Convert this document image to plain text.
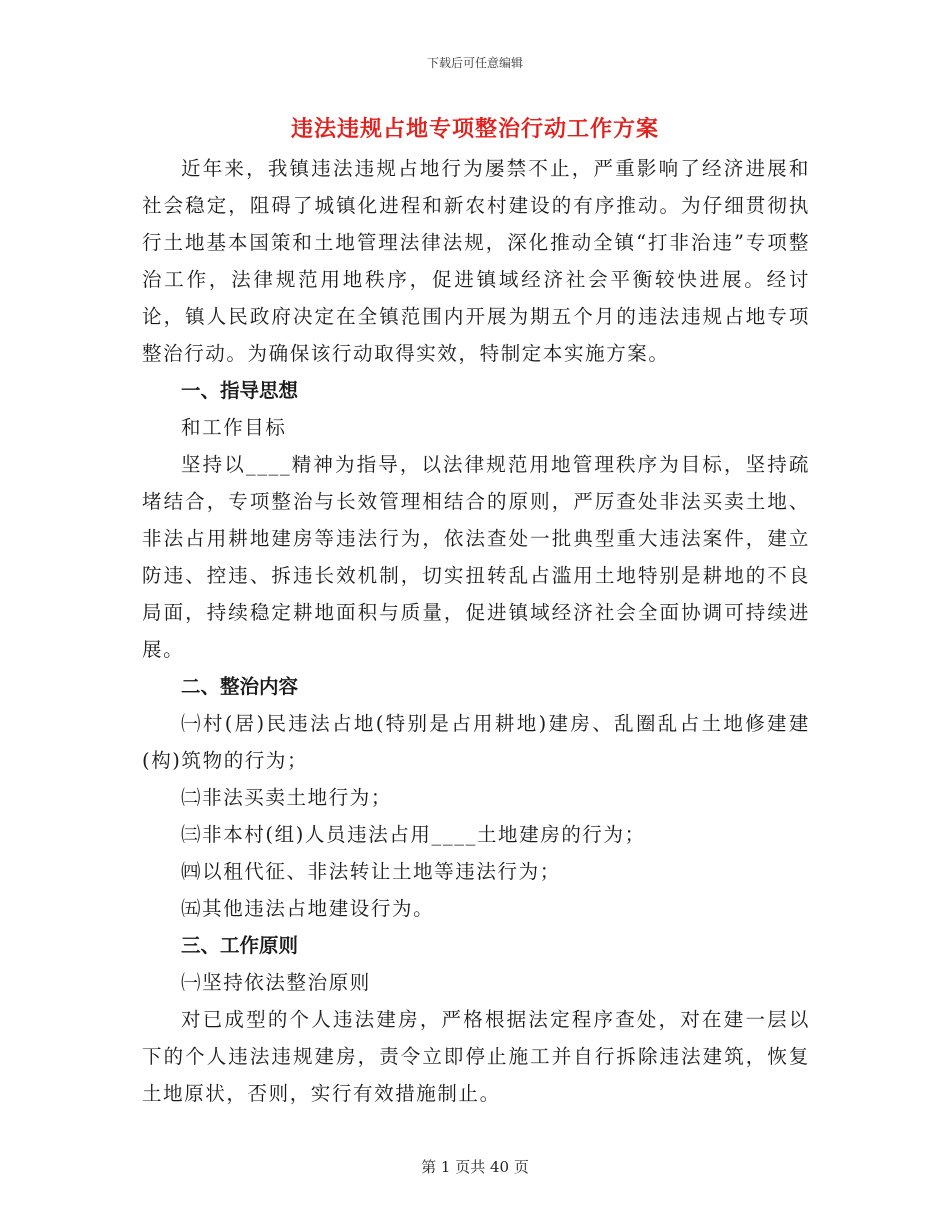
下载后可任意编辑
违法违规占地专项整治行动工作方案

近年来，我镇违法违规占地行为屡禁不止，严重影响了经济进展和社会稳定，阻碍了城镇化进程和新农村建设的有序推动。为仔细贯彻执行土地基本国策和土地管理法律法规，深化推动全镇“打非治违”专项整治工作，法律规范用地秩序，促进镇域经济社会平衡较快进展。经讨论，镇人民政府决定在全镇范围内开展为期五个月的违法违规占地专项整治行动。为确保该行动取得实效，特制定本实施方案。

一、指导思想

和工作目标

坚持以____精神为指导，以法律规范用地管理秩序为目标，坚持疏堵结合，专项整治与长效管理相结合的原则，严厉查处非法买卖土地、非法占用耕地建房等违法行为，依法查处一批典型重大违法案件，建立防违、控违、拆违长效机制，切实扭转乱占滥用土地特别是耕地的不良局面，持续稳定耕地面积与质量，促进镇域经济社会全面协调可持续进展。

二、整治内容

㈠村(居)民违法占地(特别是占用耕地)建房、乱圈乱占土地修建建(构)筑物的行为；

㈡非法买卖土地行为；

㈢非本村(组)人员违法占用____土地建房的行为；

㈣以租代征、非法转让土地等违法行为；

㈤其他违法占地建设行为。

三、工作原则

㈠坚持依法整治原则

对已成型的个人违法建房，严格根据法定程序查处，对在建一层以下的个人违法违规建房，责令立即停止施工并自行拆除违法建筑，恢复土地原状，否则，实行有效措施制止。

第 1 页共 40 页
